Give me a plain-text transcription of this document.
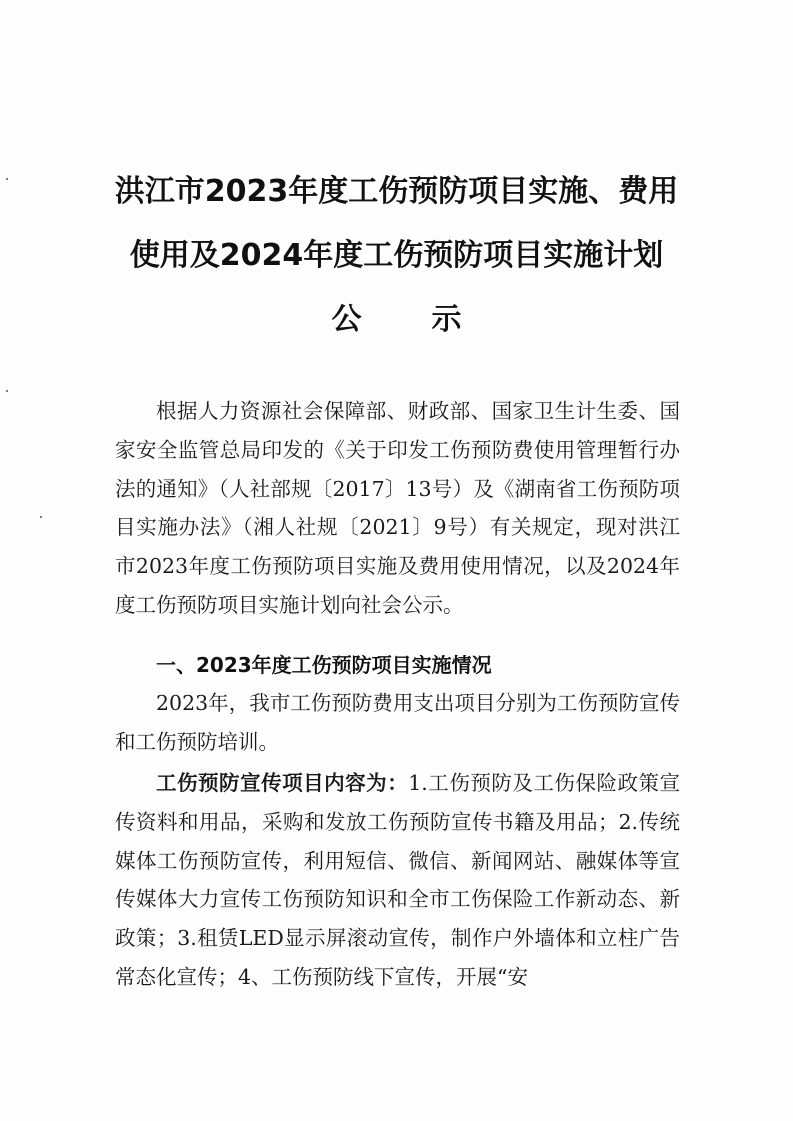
洪江市2023年度工伤预防项目实施、费用
使用及2024年度工伤预防项目实施计划
公示
根据人力资源社会保障部、财政部、国家卫生计生委、国家安全监管总局印发的《关于印发工伤预防费使用管理暂行办法的通知》（人社部规〔2017〕13号）及《湖南省工伤预防项目实施办法》（湘人社规〔2021〕9号）有关规定，现对洪江市2023年度工伤预防项目实施及费用使用情况，以及2024年度工伤预防项目实施计划向社会公示。
一、2023年度工伤预防项目实施情况
2023年，我市工伤预防费用支出项目分别为工伤预防宣传和工伤预防培训。
工伤预防宣传项目内容为：1.工伤预防及工伤保险政策宣传资料和用品，采购和发放工伤预防宣传书籍及用品；2.传统媒体工伤预防宣传，利用短信、微信、新闻网站、融媒体等宣传媒体大力宣传工伤预防知识和全市工伤保险工作新动态、新政策；3.租赁LED显示屏滚动宣传，制作户外墙体和立柱广告常态化宣传；4、工伤预防线下宣传，开展“安
